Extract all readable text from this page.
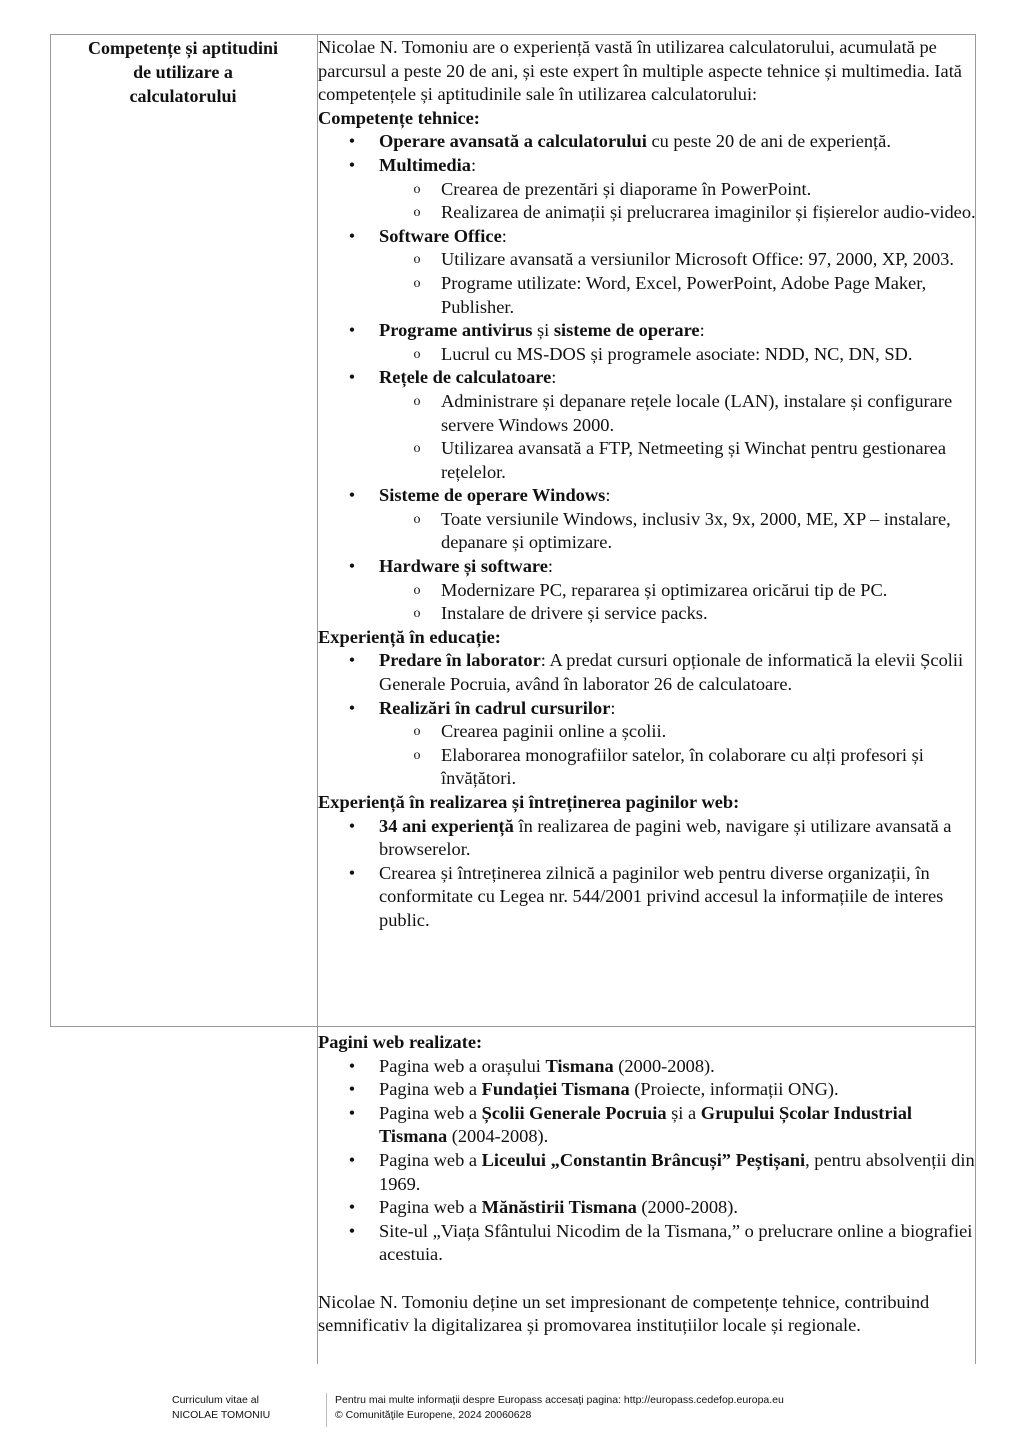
Competențe și aptitudini
de utilizare a
calculatorului

Nicolae N. Tomoniu are o experiență vastă în utilizarea calculatorului, acumulată pe parcursul a peste 20 de ani, și este expert în multiple aspecte tehnice și multimedia. Iată competențele și aptitudinile sale în utilizarea calculatorului:

Competențe tehnice:

• Operare avansată a calculatorului cu peste 20 de ani de experiență.
• Multimedia:
o Crearea de prezentări și diaporame în PowerPoint.
o Realizarea de animații și prelucrarea imaginilor și fișierelor audio-video.
• Software Office:
o Utilizare avansată a versiunilor Microsoft Office: 97, 2000, XP, 2003.
o Programe utilizate: Word, Excel, PowerPoint, Adobe Page Maker, Publisher.
• Programe antivirus și sisteme de operare:
o Lucrul cu MS-DOS și programele asociate: NDD, NC, DN, SD.
• Rețele de calculatoare:
o Administrare și depanare rețele locale (LAN), instalare și configurare servere Windows 2000.
o Utilizarea avansată a FTP, Netmeeting și Winchat pentru gestionarea rețelelor.
• Sisteme de operare Windows:
o Toate versiunile Windows, inclusiv 3x, 9x, 2000, ME, XP – instalare, depanare și optimizare.
• Hardware și software:
o Modernizare PC, repararea și optimizarea oricărui tip de PC.
o Instalare de drivere și service packs.

Experiență în educație:

• Predare în laborator: A predat cursuri opționale de informatică la elevii Școlii Generale Pocruia, având în laborator 26 de calculatoare.
• Realizări în cadrul cursurilor:
o Crearea paginii online a școlii.
o Elaborarea monografiilor satelor, în colaborare cu alți profesori și învățători.

Experiență în realizarea și întreținerea paginilor web:

• 34 ani experiență în realizarea de pagini web, navigare și utilizare avansată a browserelor.
• Crearea și întreținerea zilnică a paginilor web pentru diverse organizații, în conformitate cu Legea nr. 544/2001 privind accesul la informațiile de interes public.

Pagini web realizate:

• Pagina web a orașului Tismana (2000-2008).
• Pagina web a Fundației Tismana (Proiecte, informații ONG).
• Pagina web a Școlii Generale Pocruia și a Grupului Școlar Industrial Tismana (2004-2008).
• Pagina web a Liceului „Constantin Brâncuși” Peștișani, pentru absolvenții din 1969.
• Pagina web a Mănăstirii Tismana (2000-2008).
• Site-ul „Viața Sfântului Nicodim de la Tismana,” o prelucrare online a biografiei acestuia.

Nicolae N. Tomoniu deține un set impresionant de competențe tehnice, contribuind semnificativ la digitalizarea și promovarea instituțiilor locale și regionale.

Curriculum vitae al
NICOLAE TOMONIU
Pentru mai multe informaţii despre Europass accesaţi pagina: http://europass.cedefop.europa.eu
© Comunităţile Europene, 2024 20060628
